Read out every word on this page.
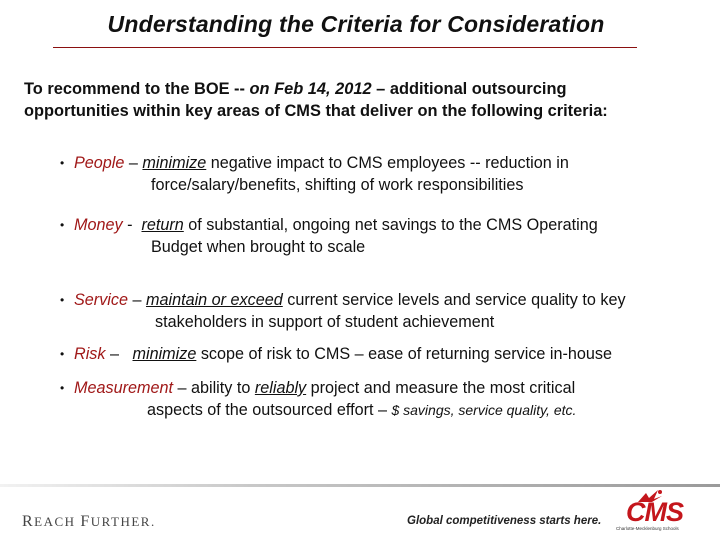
Understanding the Criteria for Consideration
To recommend to the BOE -- on Feb 14, 2012 – additional outsourcing
opportunities within key areas of CMS that deliver on the following criteria:
• People – minimize negative impact to CMS employees -- reduction in
force/salary/benefits, shifting of work responsibilities
• Money -  return of substantial, ongoing net savings to the CMS Operating
Budget when brought to scale
• Service – maintain or exceed current service levels and service quality to key
stakeholders in support of student achievement
• Risk –   minimize scope of risk to CMS – ease of returning service in-house
• Measurement – ability to reliably project and measure the most critical
aspects of the outsourced effort – $ savings, service quality, etc.
REACH FURTHER.	Global competitiveness starts here. CMS
Charlotte-Mecklenburg Schools
